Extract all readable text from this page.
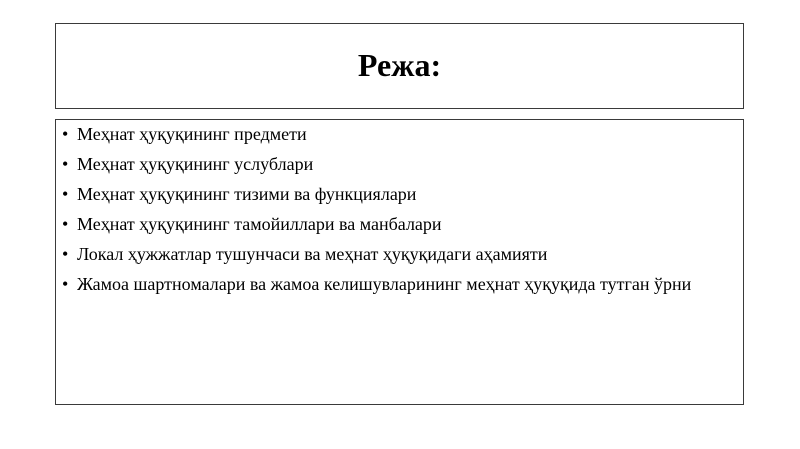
Режа:
• Меҳнат ҳуқуқининг предмети
• Меҳнат ҳуқуқининг услублари
• Меҳнат ҳуқуқининг тизими ва функциялари
• Меҳнат ҳуқуқининг тамойиллари ва манбалари
• Локал ҳужжатлар тушунчаси ва меҳнат ҳуқуқидаги аҳамияти
• Жамоа шартномалари ва жамоа келишувларининг меҳнат ҳуқуқида тутган ўрни
